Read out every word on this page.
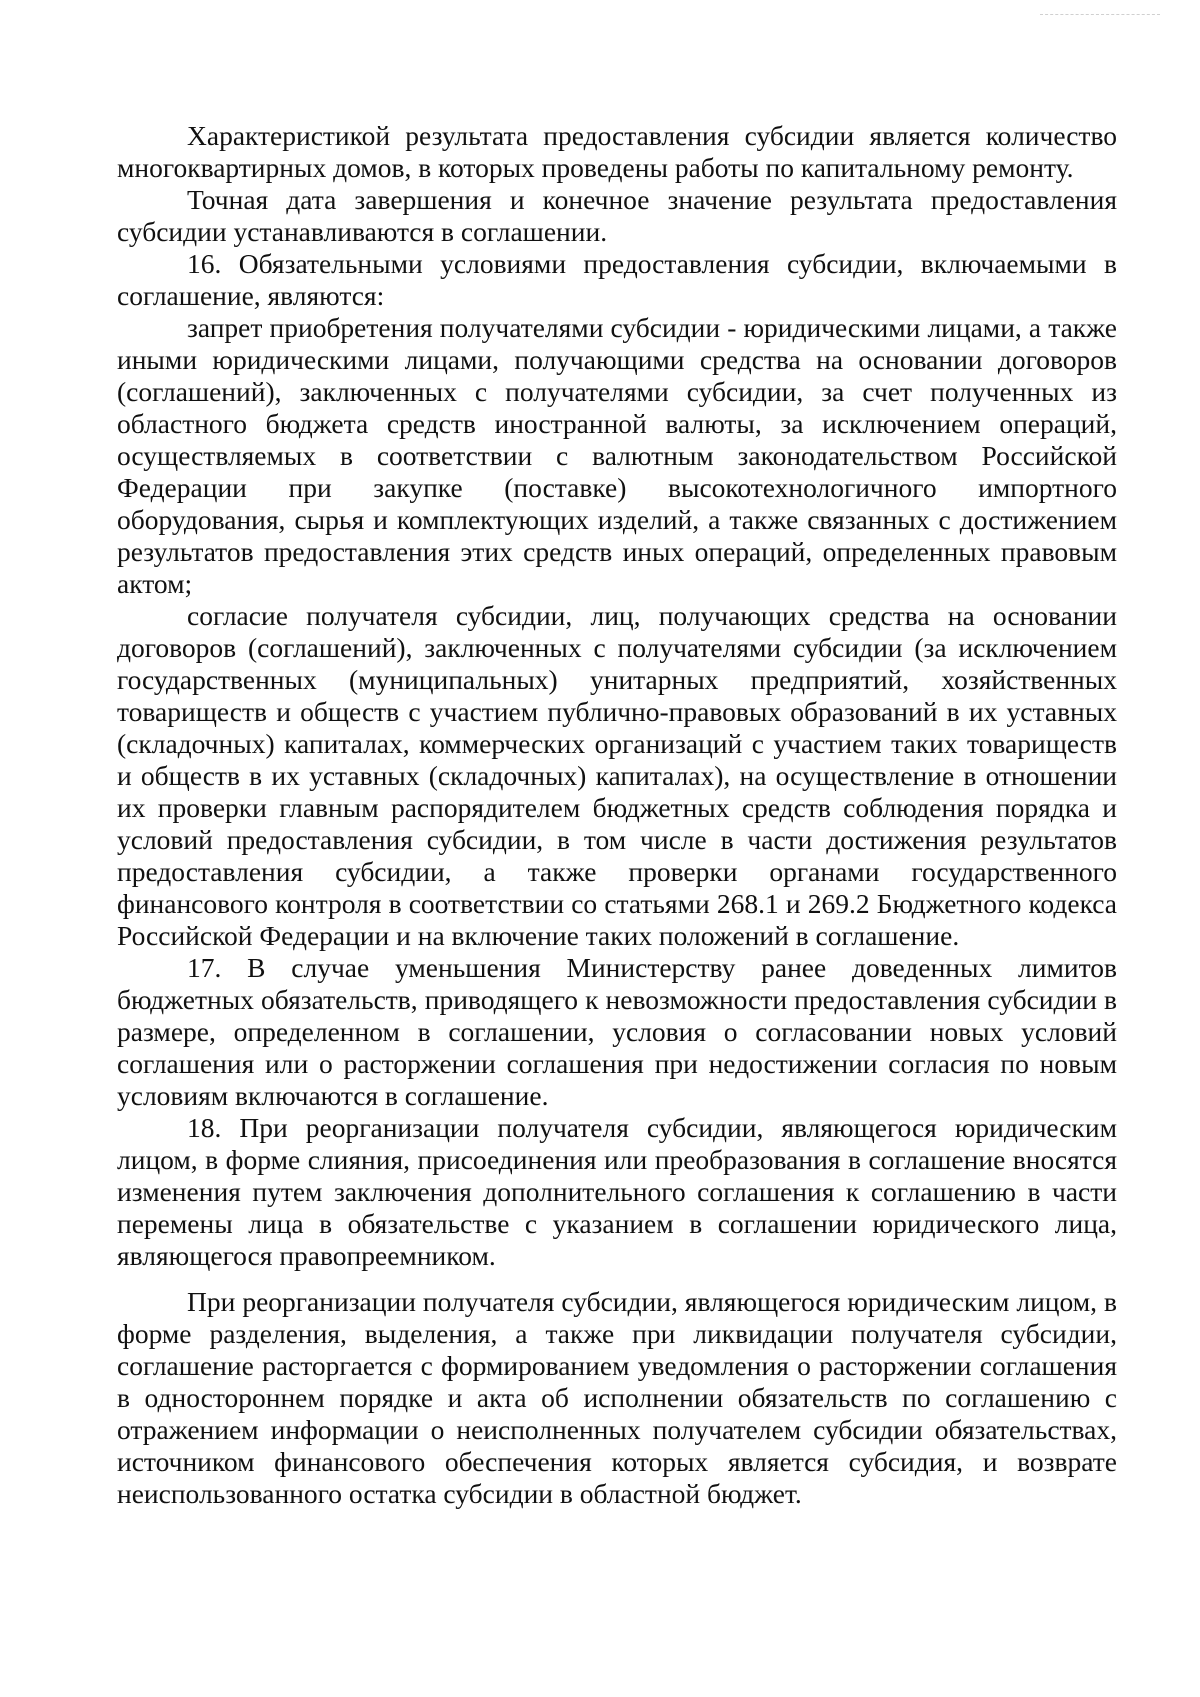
Характеристикой результата предоставления субсидии является количество многоквартирных домов, в которых проведены работы по капитальному ремонту.

Точная дата завершения и конечное значение результата предоставления субсидии устанавливаются в соглашении.

16. Обязательными условиями предоставления субсидии, включаемыми в соглашение, являются:

запрет приобретения получателями субсидии - юридическими лицами, а также иными юридическими лицами, получающими средства на основании договоров (соглашений), заключенных с получателями субсидии, за счет полученных из областного бюджета средств иностранной валюты, за исключением операций, осуществляемых в соответствии с валютным законодательством Российской Федерации при закупке (поставке) высокотехнологичного импортного оборудования, сырья и комплектующих изделий, а также связанных с достижением результатов предоставления этих средств иных операций, определенных правовым актом;

согласие получателя субсидии, лиц, получающих средства на основании договоров (соглашений), заключенных с получателями субсидии (за исключением государственных (муниципальных) унитарных предприятий, хозяйственных товариществ и обществ с участием публично-правовых образований в их уставных (складочных) капиталах, коммерческих организаций с участием таких товариществ и обществ в их уставных (складочных) капиталах), на осуществление в отношении их проверки главным распорядителем бюджетных средств соблюдения порядка и условий предоставления субсидии, в том числе в части достижения результатов предоставления субсидии, а также проверки органами государственного финансового контроля в соответствии со статьями 268.1 и 269.2 Бюджетного кодекса Российской Федерации и на включение таких положений в соглашение.

17. В случае уменьшения Министерству ранее доведенных лимитов бюджетных обязательств, приводящего к невозможности предоставления субсидии в размере, определенном в соглашении, условия о согласовании новых условий соглашения или о расторжении соглашения при недостижении согласия по новым условиям включаются в соглашение.

18. При реорганизации получателя субсидии, являющегося юридическим лицом, в форме слияния, присоединения или преобразования в соглашение вносятся изменения путем заключения дополнительного соглашения к соглашению в части перемены лица в обязательстве с указанием в соглашении юридического лица, являющегося правопреемником.

При реорганизации получателя субсидии, являющегося юридическим лицом, в форме разделения, выделения, а также при ликвидации получателя субсидии, соглашение расторгается с формированием уведомления о расторжении соглашения в одностороннем порядке и акта об исполнении обязательств по соглашению с отражением информации о неисполненных получателем субсидии обязательствах, источником финансового обеспечения которых является субсидия, и возврате неиспользованного остатка субсидии в областной бюджет.
